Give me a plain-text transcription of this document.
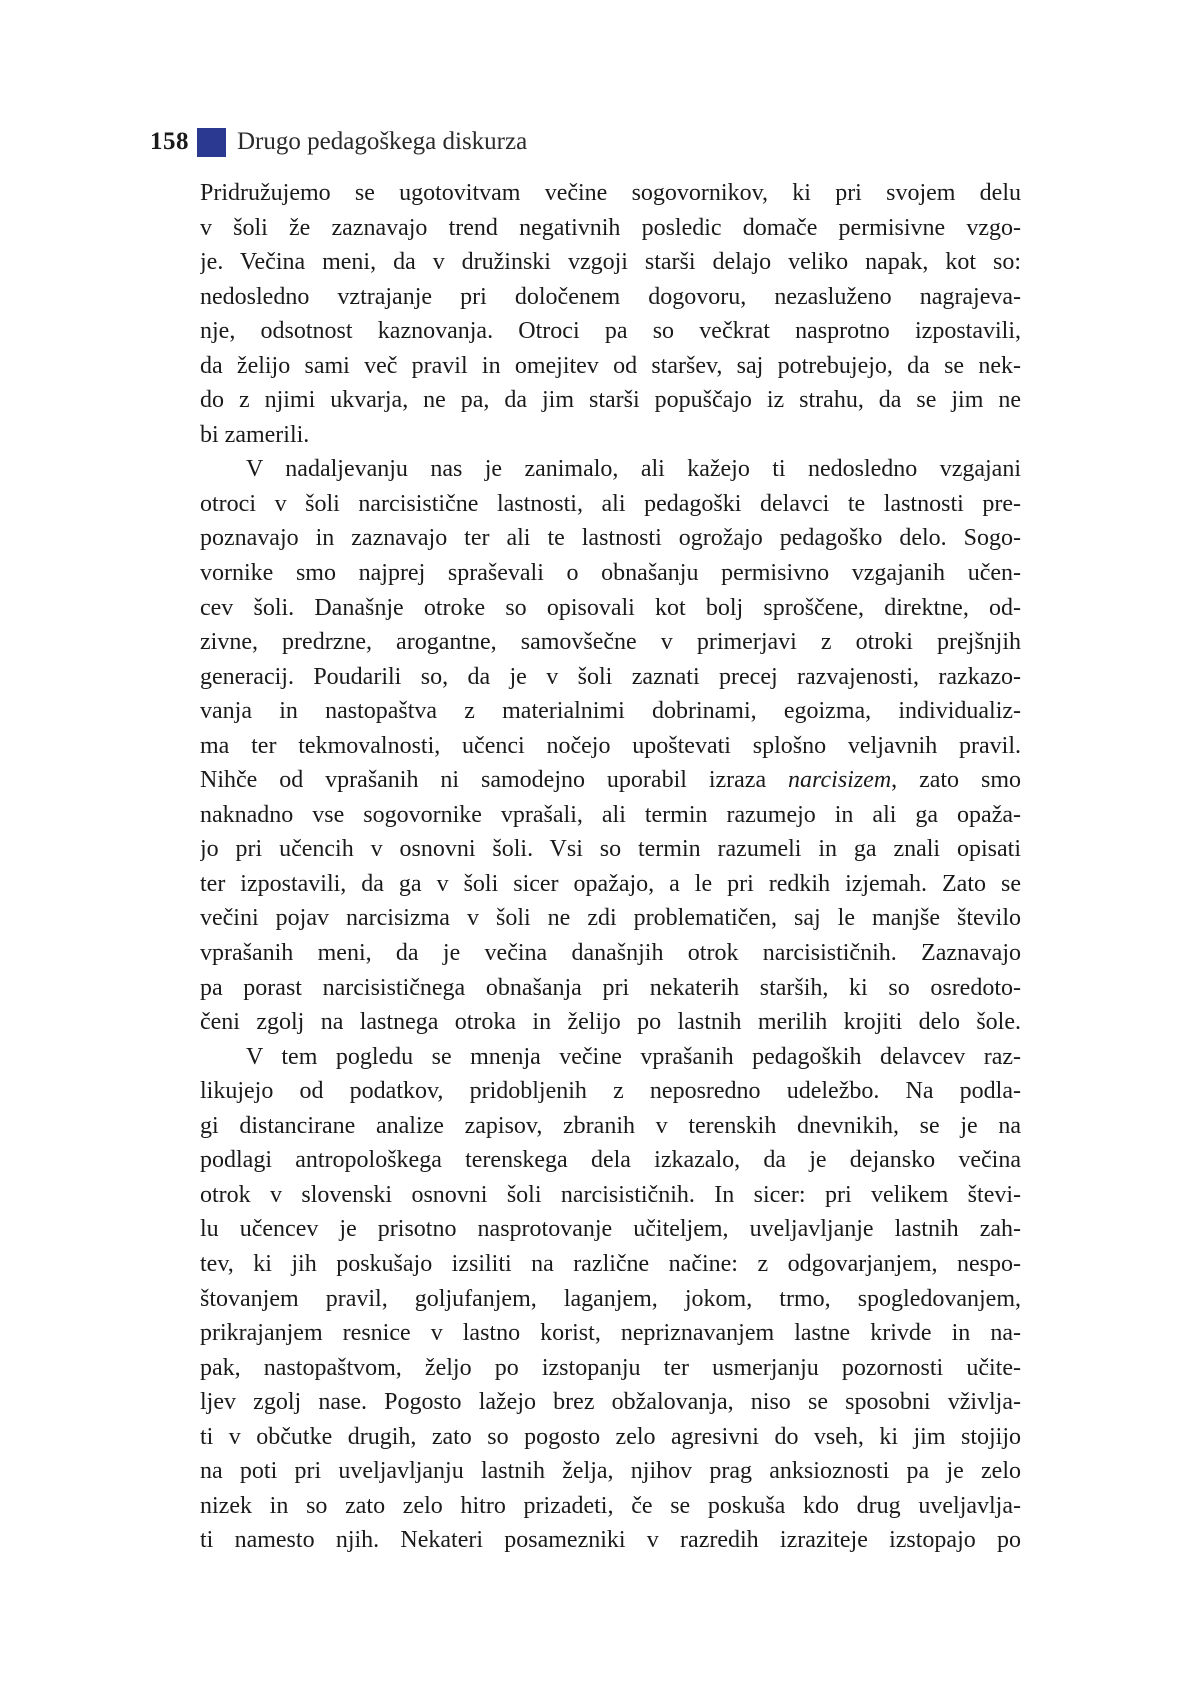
158 Drugo pedagoškega diskurza
Pridružujemo se ugotovitvam večine sogovornikov, ki pri svojem delu
v šoli že zaznavajo trend negativnih posledic domače permisivne vzgo-
je. Večina meni, da v družinski vzgoji starši delajo veliko napak, kot so:
nedosledno vztrajanje pri določenem dogovoru, nezasluženo nagrajeva-
nje, odsotnost kaznovanja. Otroci pa so večkrat nasprotno izpostavili,
da želijo sami več pravil in omejitev od staršev, saj potrebujejo, da se nek-
do z njimi ukvarja, ne pa, da jim starši popuščajo iz strahu, da se jim ne
bi zamerili.
V nadaljevanju nas je zanimalo, ali kažejo ti nedosledno vzgajani
otroci v šoli narcisistične lastnosti, ali pedagoški delavci te lastnosti pre-
poznavajo in zaznavajo ter ali te lastnosti ogrožajo pedagoško delo. Sogo-
vornike smo najprej spraševali o obnašanju permisivno vzgajanih učen-
cev šoli. Današnje otroke so opisovali kot bolj sproščene, direktne, od-
zivne, predrzne, arogantne, samovšečne v primerjavi z otroki prejšnjih
generacij. Poudarili so, da je v šoli zaznati precej razvajenosti, razkazo-
vanja in nastopaštva z materialnimi dobrinami, egoizma, individualiz-
ma ter tekmovalnosti, učenci nočejo upoštevati splošno veljavnih pravil.
Nihče od vprašanih ni samodejno uporabil izraza narcisizem, zato smo
naknadno vse sogovornike vprašali, ali termin razumejo in ali ga opaža-
jo pri učencih v osnovni šoli. Vsi so termin razumeli in ga znali opisati
ter izpostavili, da ga v šoli sicer opažajo, a le pri redkih izjemah. Zato se
večini pojav narcisizma v šoli ne zdi problematičen, saj le manjše število
vprašanih meni, da je večina današnjih otrok narcisističnih. Zaznavajo
pa porast narcisističnega obnašanja pri nekaterih starših, ki so osredoto-
čeni zgolj na lastnega otroka in želijo po lastnih merilih krojiti delo šole.
V tem pogledu se mnenja večine vprašanih pedagoških delavcev raz-
likujejo od podatkov, pridobljenih z neposredno udeležbo. Na podla-
gi distancirane analize zapisov, zbranih v terenskih dnevnikih, se je na
podlagi antropološkega terenskega dela izkazalo, da je dejansko večina
otrok v slovenski osnovni šoli narcisističnih. In sicer: pri velikem števi-
lu učencev je prisotno nasprotovanje učiteljem, uveljavljanje lastnih zah-
tev, ki jih poskušajo izsiliti na različne načine: z odgovarjanjem, nespo-
štovanjem pravil, goljufanjem, laganjem, jokom, trmo, spogledovanjem,
prikrajanjem resnice v lastno korist, nepriznavanjem lastne krivde in na-
pak, nastopaštvom, željo po izstopanju ter usmerjanju pozornosti učite-
ljev zgolj nase. Pogosto lažejo brez obžalovanja, niso se sposobni vživlja-
ti v občutke drugih, zato so pogosto zelo agresivni do vseh, ki jim stojijo
na poti pri uveljavljanju lastnih želja, njihov prag anksioznosti pa je zelo
nizek in so zato zelo hitro prizadeti, če se poskuša kdo drug uveljavlja-
ti namesto njih. Nekateri posamezniki v razredih izraziteje izstopajo po
